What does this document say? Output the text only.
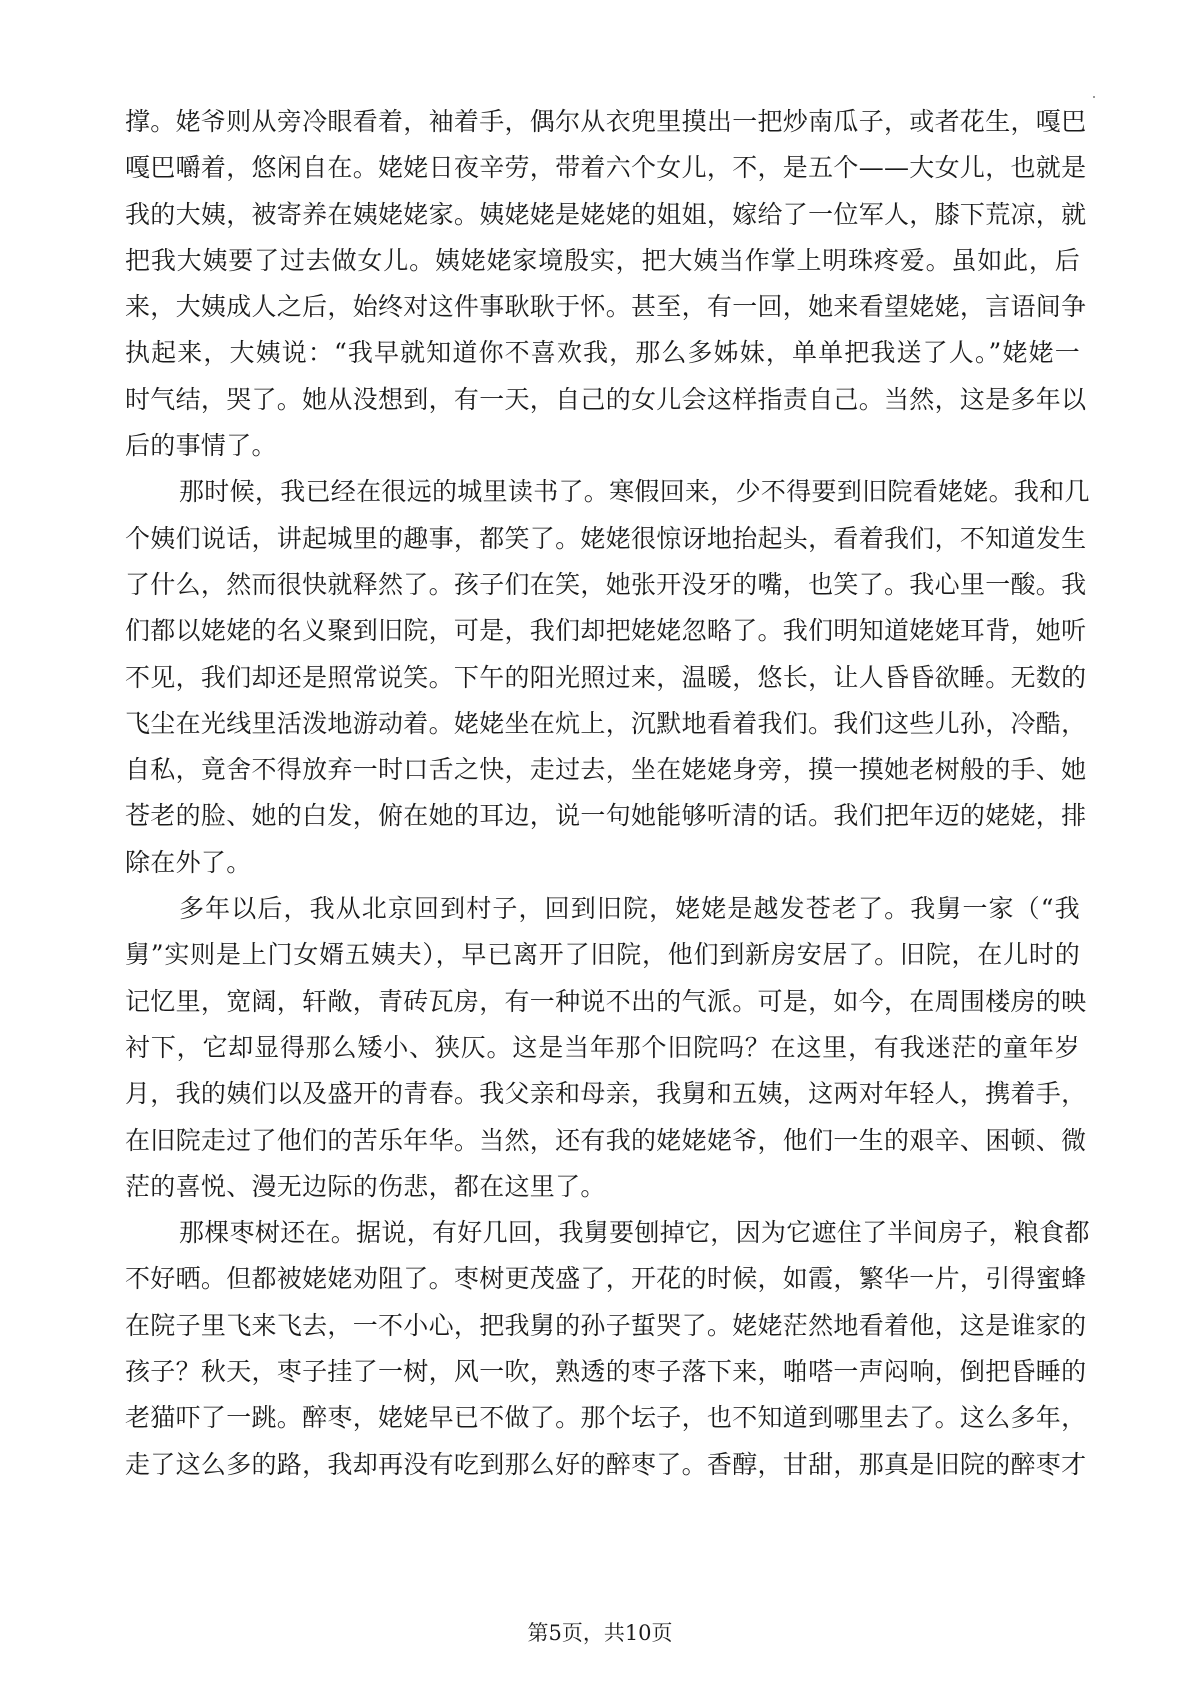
撑。姥爷则从旁冷眼看着，袖着手，偶尔从衣兜里摸出一把炒南瓜子，或者花生，嘎巴
嘎巴嚼着，悠闲自在。姥姥日夜辛劳，带着六个女儿，不，是五个——大女儿，也就是
我的大姨，被寄养在姨姥姥家。姨姥姥是姥姥的姐姐，嫁给了一位军人，膝下荒凉，就
把我大姨要了过去做女儿。姨姥姥家境殷实，把大姨当作掌上明珠疼爱。虽如此，后
来，大姨成人之后，始终对这件事耿耿于怀。甚至，有一回，她来看望姥姥，言语间争
执起来，大姨说：“我早就知道你不喜欢我，那么多姊妹，单单把我送了人。”姥姥一
时气结，哭了。她从没想到，有一天，自己的女儿会这样指责自己。当然，这是多年以
后的事情了。
那时候，我已经在很远的城里读书了。寒假回来，少不得要到旧院看姥姥。我和几
个姨们说话，讲起城里的趣事，都笑了。姥姥很惊讶地抬起头，看着我们，不知道发生
了什么，然而很快就释然了。孩子们在笑，她张开没牙的嘴，也笑了。我心里一酸。我
们都以姥姥的名义聚到旧院，可是，我们却把姥姥忽略了。我们明知道姥姥耳背，她听
不见，我们却还是照常说笑。下午的阳光照过来，温暖，悠长，让人昏昏欲睡。无数的
飞尘在光线里活泼地游动着。姥姥坐在炕上，沉默地看着我们。我们这些儿孙，冷酷，
自私，竟舍不得放弃一时口舌之快，走过去，坐在姥姥身旁，摸一摸她老树般的手、她
苍老的脸、她的白发，俯在她的耳边，说一句她能够听清的话。我们把年迈的姥姥，排
除在外了。
多年以后，我从北京回到村子，回到旧院，姥姥是越发苍老了。我舅一家（“我
舅”实则是上门女婿五姨夫），早已离开了旧院，他们到新房安居了。旧院，在儿时的
记忆里，宽阔，轩敞，青砖瓦房，有一种说不出的气派。可是，如今，在周围楼房的映
衬下，它却显得那么矮小、狭仄。这是当年那个旧院吗？在这里，有我迷茫的童年岁
月，我的姨们以及盛开的青春。我父亲和母亲，我舅和五姨，这两对年轻人，携着手，
在旧院走过了他们的苦乐年华。当然，还有我的姥姥姥爷，他们一生的艰辛、困顿、微
茫的喜悦、漫无边际的伤悲，都在这里了。
那棵枣树还在。据说，有好几回，我舅要刨掉它，因为它遮住了半间房子，粮食都
不好晒。但都被姥姥劝阻了。枣树更茂盛了，开花的时候，如霞，繁华一片，引得蜜蜂
在院子里飞来飞去，一不小心，把我舅的孙子蜇哭了。姥姥茫然地看着他，这是谁家的
孩子？秋天，枣子挂了一树，风一吹，熟透的枣子落下来，啪嗒一声闷响，倒把昏睡的
老猫吓了一跳。醉枣，姥姥早已不做了。那个坛子，也不知道到哪里去了。这么多年，
走了这么多的路，我却再没有吃到那么好的醉枣了。香醇，甘甜，那真是旧院的醉枣才
第5页，共10页
